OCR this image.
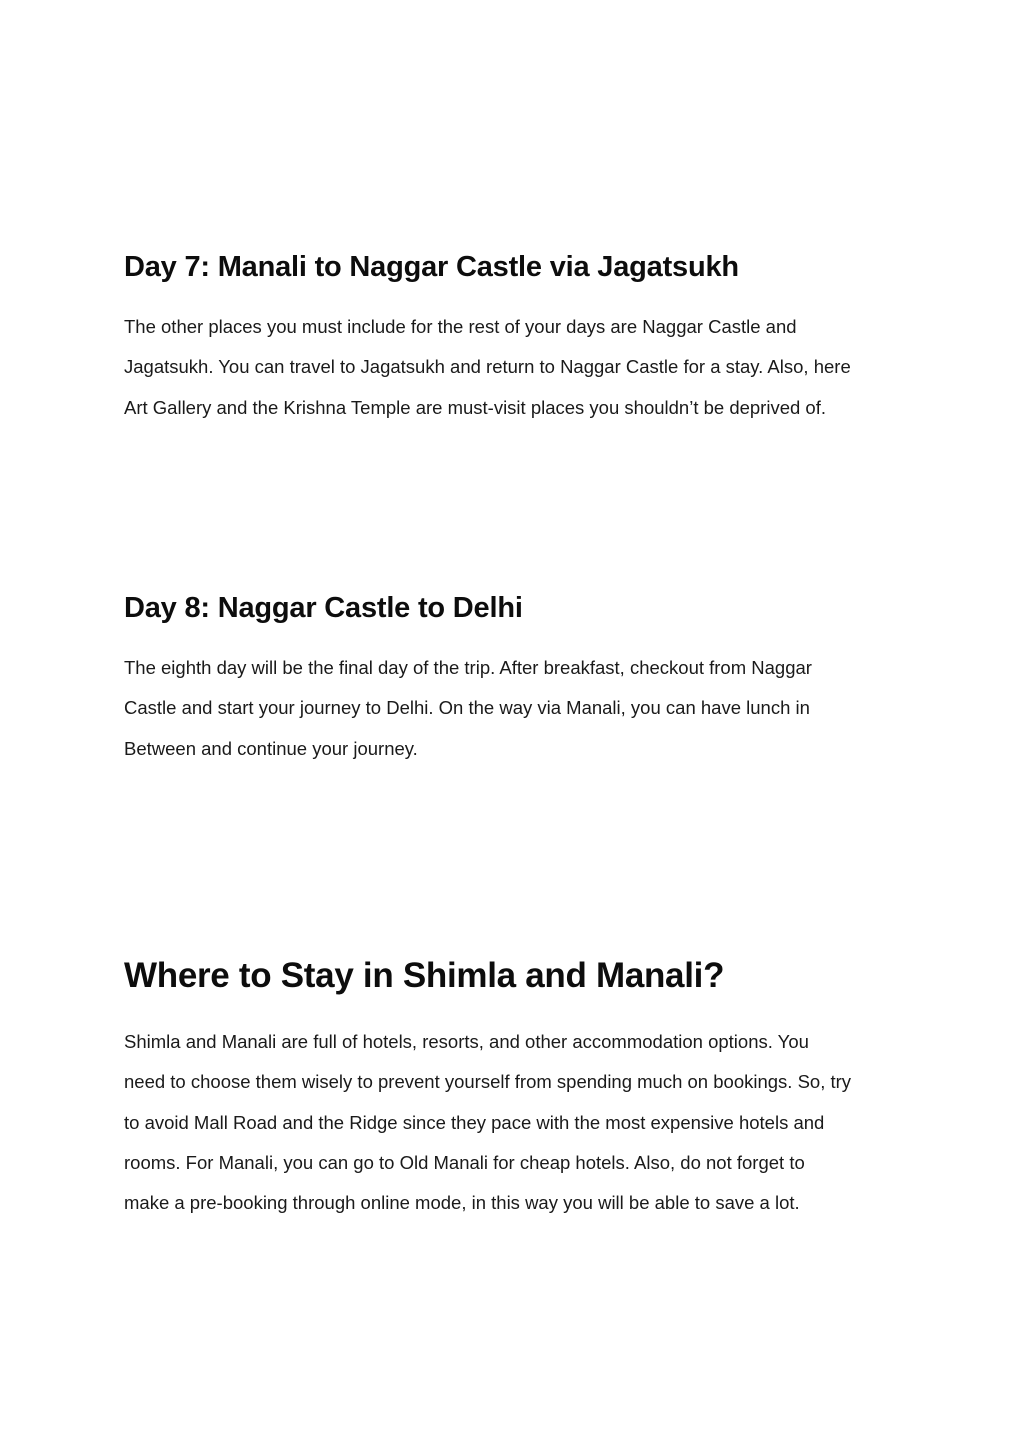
Day 7: Manali to Naggar Castle via Jagatsukh

The other places you must include for the rest of your days are Naggar Castle and
Jagatsukh. You can travel to Jagatsukh and return to Naggar Castle for a stay. Also, here
Art Gallery and the Krishna Temple are must-visit places you shouldn’t be deprived of.

Day 8: Naggar Castle to Delhi

The eighth day will be the final day of the trip. After breakfast, checkout from Naggar
Castle and start your journey to Delhi. On the way via Manali, you can have lunch in
Between and continue your journey.

Where to Stay in Shimla and Manali?

Shimla and Manali are full of hotels, resorts, and other accommodation options. You
need to choose them wisely to prevent yourself from spending much on bookings. So, try
to avoid Mall Road and the Ridge since they pace with the most expensive hotels and
rooms. For Manali, you can go to Old Manali for cheap hotels. Also, do not forget to
make a pre-booking through online mode, in this way you will be able to save a lot.
